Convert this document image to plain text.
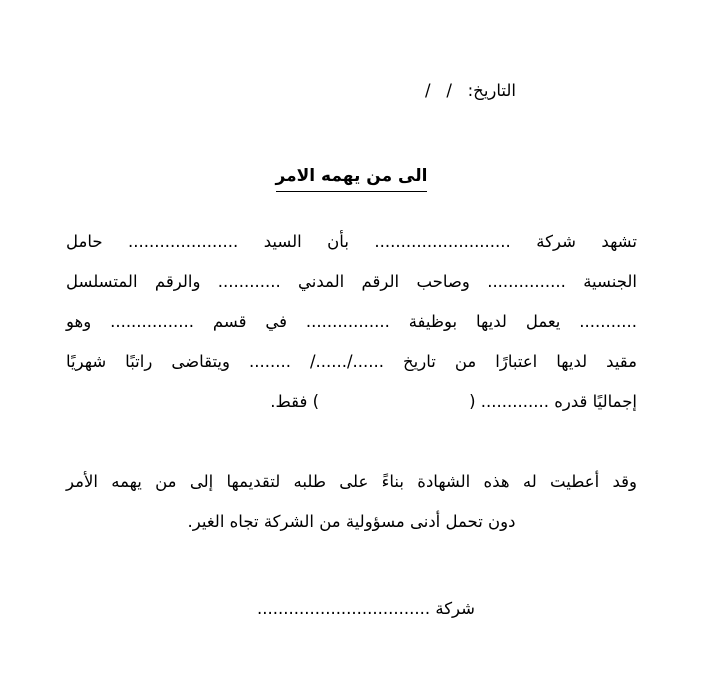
التاريخ:   /   /

الى من يهمه الامر
تشهد شركة .......................... بأن السيد ..................... حامل
الجنسية ............... وصاحب الرقم المدني ............ والرقم المتسلسل
........... يعمل لديها بوظيفة ................ في قسم ................ وهو
مقيد لديها اعتبارًا من تاريخ ....../....../ ........ ويتقاضى راتبًا شهريًا
إجماليًا قدره ............. (
) فقط.
وقد أعطيت له هذه الشهادة بناءً على طلبه لتقديمها إلى من يهمه الأمر
دون تحمل أدنى مسؤولية من الشركة تجاه الغير.

شركة .................................
